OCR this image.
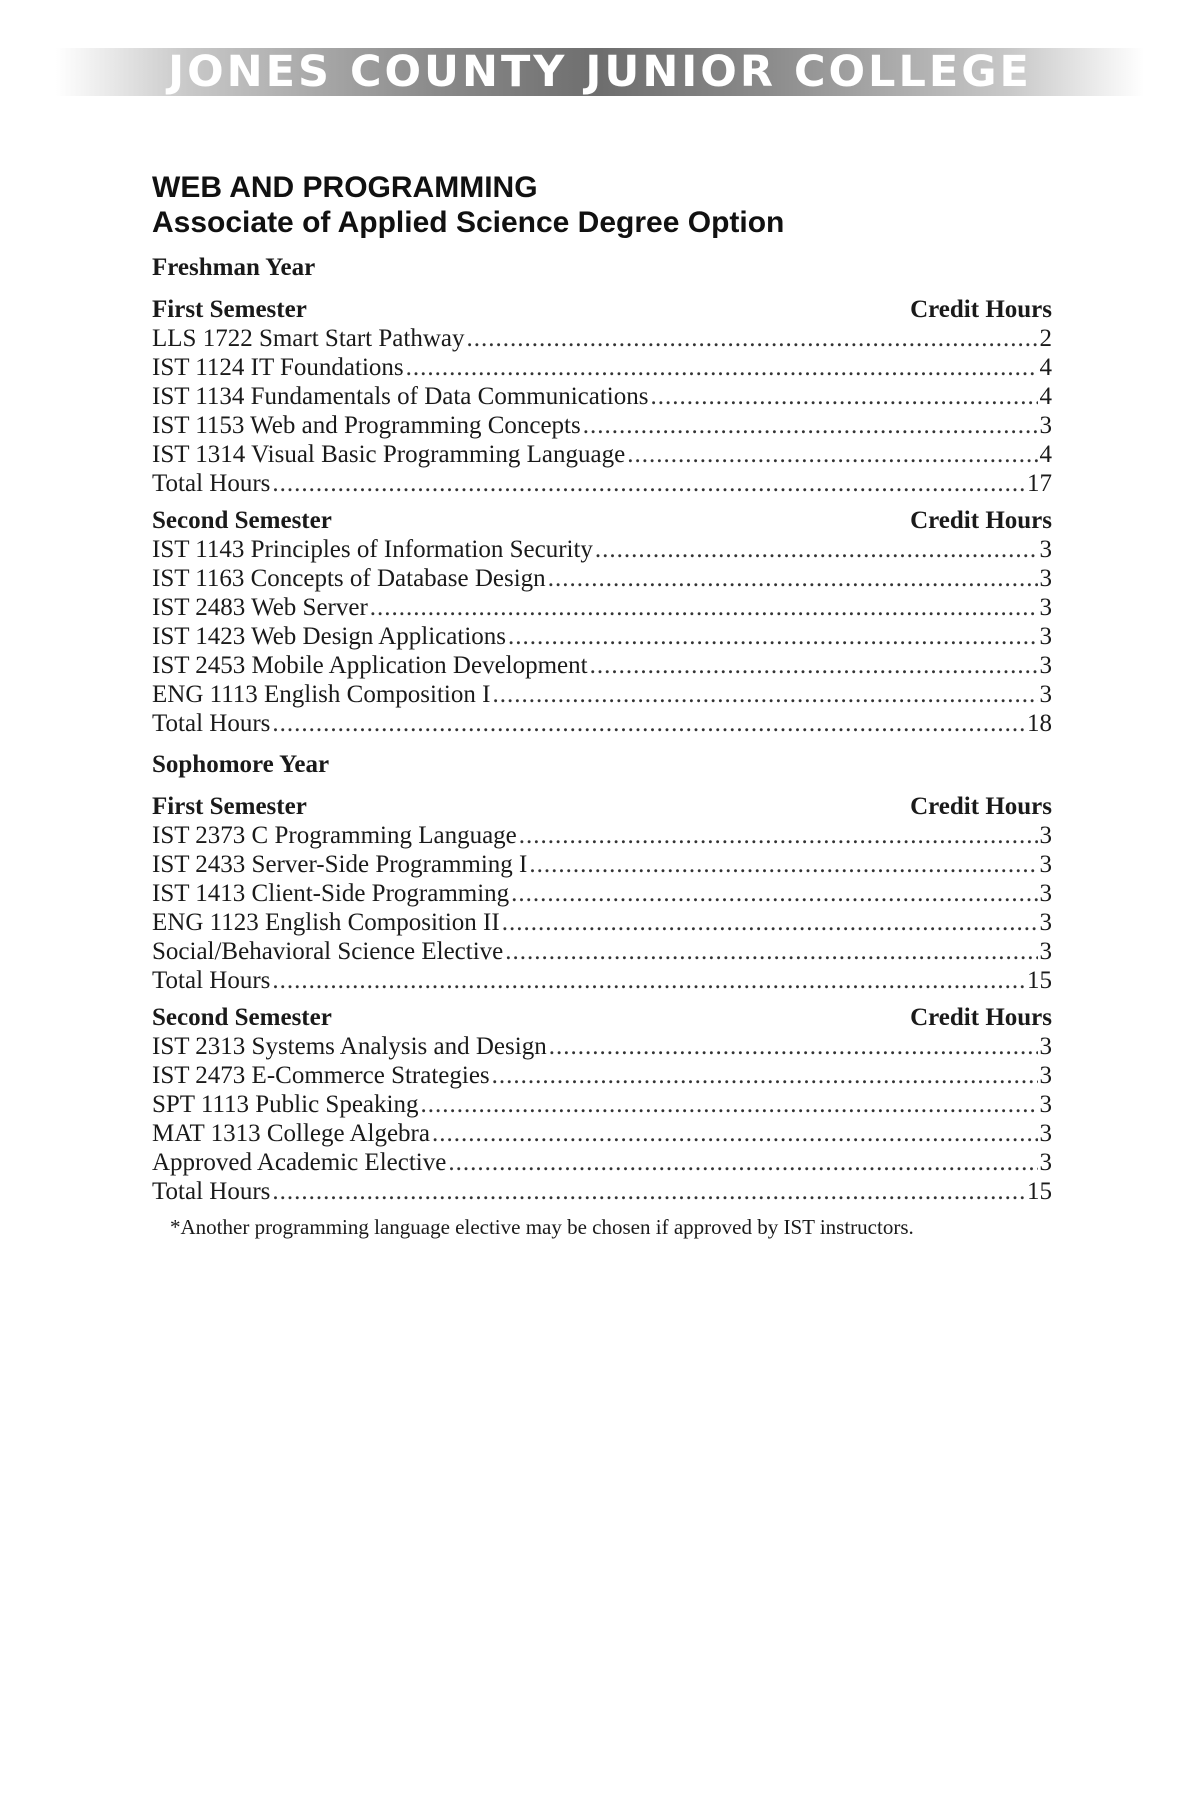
JONES COUNTY JUNIOR COLLEGE
WEB AND PROGRAMMING
Associate of Applied Science Degree Option
Freshman Year
First Semester	Credit Hours
LLS 1722 Smart Start Pathway .....	2
IST 1124 IT Foundations .....	4
IST 1134 Fundamentals of Data Communications .....	4
IST 1153 Web and Programming Concepts .....	3
IST 1314 Visual Basic Programming Language .....	4
Total Hours .....	17
Second Semester	Credit Hours
IST 1143 Principles of Information Security .....	3
IST 1163 Concepts of Database Design .....	3
IST 2483 Web Server .....	3
IST 1423 Web Design Applications .....	3
IST 2453 Mobile Application Development .....	3
ENG 1113 English Composition I .....	3
Total Hours .....	18
Sophomore Year
First Semester	Credit Hours
IST 2373 C Programming Language .....	3
IST 2433 Server-Side Programming I .....	3
IST 1413 Client-Side Programming .....	3
ENG 1123 English Composition II .....	3
Social/Behavioral Science Elective .....	3
Total Hours .....	15
Second Semester	Credit Hours
IST 2313 Systems Analysis and Design .....	3
IST 2473 E-Commerce Strategies .....	3
SPT 1113 Public Speaking .....	3
MAT 1313 College Algebra .....	3
Approved Academic Elective .....	3
Total Hours .....	15

*Another programming language elective may be chosen if approved by IST instructors.
